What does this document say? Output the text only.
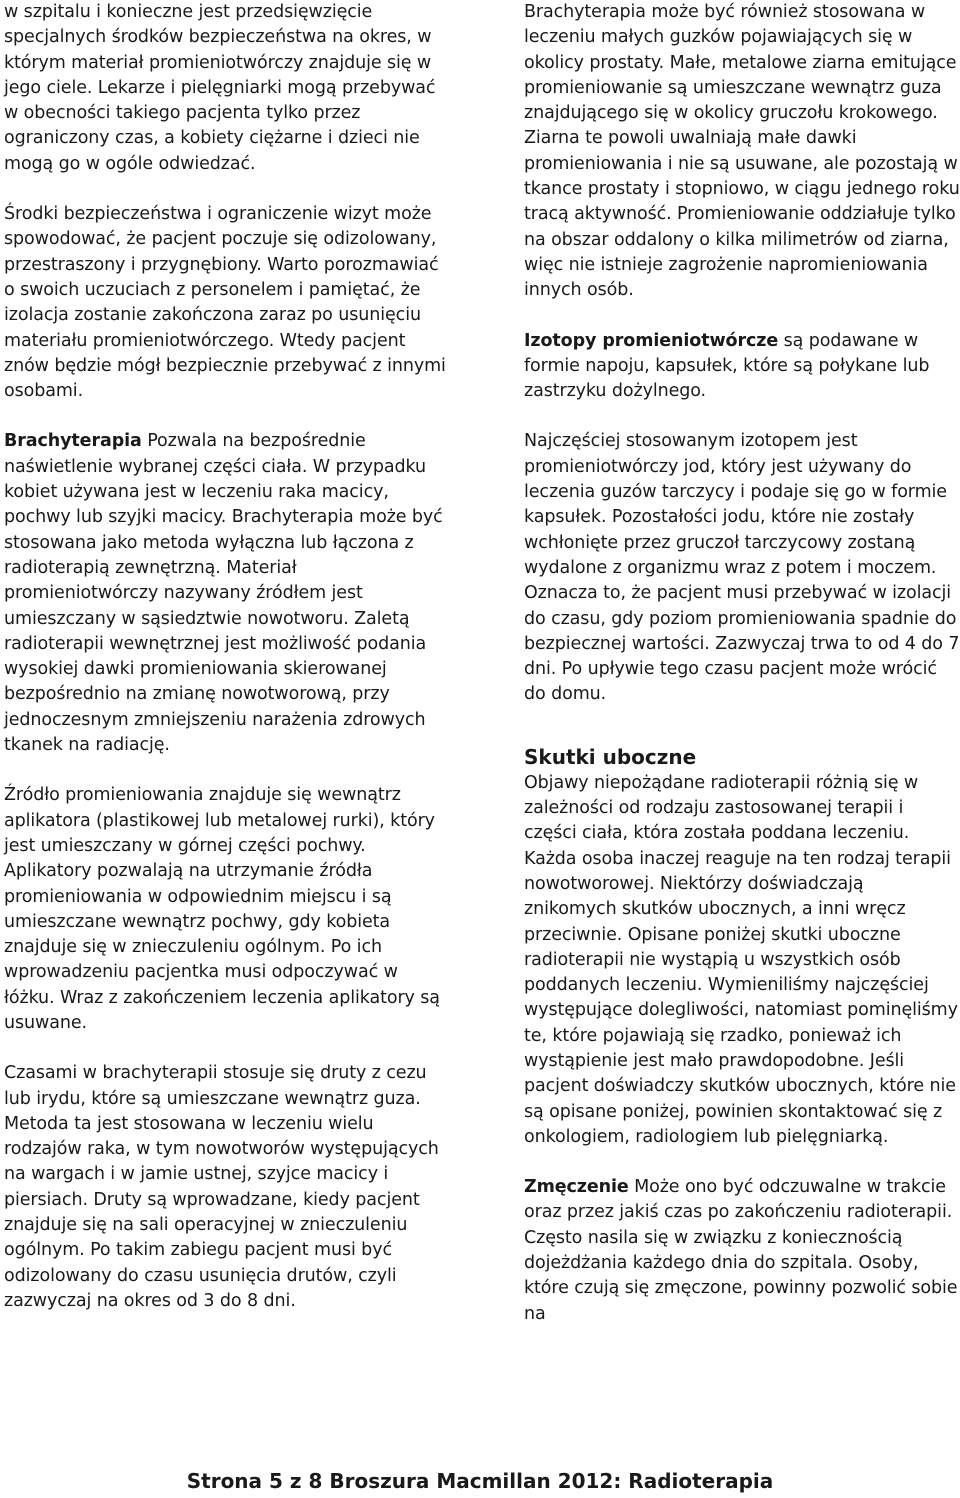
w szpitalu i konieczne jest przedsięwzięcie specjalnych środków bezpieczeństwa na okres, w którym materiał promieniotwórczy znajduje się w jego ciele. Lekarze i pielęgniarki mogą przebywać w obecności takiego pacjenta tylko przez ograniczony czas, a kobiety ciężarne i dzieci nie mogą go w ogóle odwiedzać.

Środki bezpieczeństwa i ograniczenie wizyt może spowodować, że pacjent poczuje się odizolowany, przestraszony i przygnębiony. Warto porozmawiać o swoich uczuciach z personelem i pamiętać, że izolacja zostanie zakończona zaraz po usunięciu materiału promieniotwórczego. Wtedy pacjent znów będzie mógł bezpiecznie przebywać z innymi osobami.

Brachyterapia Pozwala na bezpośrednie naświetlenie wybranej części ciała. W przypadku kobiet używana jest w leczeniu raka macicy, pochwy lub szyjki macicy. Brachyterapia może być stosowana jako metoda wyłączna lub łączona z radioterapią zewnętrzną. Materiał promieniotwórczy nazywany źródłem jest umieszczany w sąsiedztwie nowotworu. Zaletą radioterapii wewnętrznej jest możliwość podania wysokiej dawki promieniowania skierowanej bezpośrednio na zmianę nowotworową, przy jednoczesnym zmniejszeniu narażenia zdrowych tkanek na radiację.

Źródło promieniowania znajduje się wewnątrz aplikatora (plastikowej lub metalowej rurki), który jest umieszczany w górnej części pochwy. Aplikatory pozwalają na utrzymanie źródła promieniowania w odpowiednim miejscu i są umieszczane wewnątrz pochwy, gdy kobieta znajduje się w znieczuleniu ogólnym. Po ich wprowadzeniu pacjentka musi odpoczywać w łóżku. Wraz z zakończeniem leczenia aplikatory są usuwane.

Czasami w brachyterapii stosuje się druty z cezu lub irydu, które są umieszczane wewnątrz guza. Metoda ta jest stosowana w leczeniu wielu rodzajów raka, w tym nowotworów występujących na wargach i w jamie ustnej, szyjce macicy i piersiach. Druty są wprowadzane, kiedy pacjent znajduje się na sali operacyjnej w znieczuleniu ogólnym. Po takim zabiegu pacjent musi być odizolowany do czasu usunięcia drutów, czyli zazwyczaj na okres od 3 do 8 dni.

Brachyterapia może być również stosowana w leczeniu małych guzków pojawiających się w okolicy prostaty. Małe, metalowe ziarna emitujące promieniowanie są umieszczane wewnątrz guza znajdującego się w okolicy gruczołu krokowego. Ziarna te powoli uwalniają małe dawki promieniowania i nie są usuwane, ale pozostają w tkance prostaty i stopniowo, w ciągu jednego roku tracą aktywność. Promieniowanie oddziałuje tylko na obszar oddalony o kilka milimetrów od ziarna, więc nie istnieje zagrożenie napromieniowania innych osób.

Izotopy promieniotwórcze są podawane w formie napoju, kapsułek, które są połykane lub zastrzyku dożylnego.

Najczęściej stosowanym izotopem jest promieniotwórczy jod, który jest używany do leczenia guzów tarczycy i podaje się go w formie kapsułek. Pozostałości jodu, które nie zostały wchłonięte przez gruczoł tarczycowy zostaną wydalone z organizmu wraz z potem i moczem. Oznacza to, że pacjent musi przebywać w izolacji do czasu, gdy poziom promieniowania spadnie do bezpiecznej wartości. Zazwyczaj trwa to od 4 do 7 dni. Po upływie tego czasu pacjent może wrócić do domu.

Skutki uboczne

Objawy niepożądane radioterapii różnią się w zależności od rodzaju zastosowanej terapii i części ciała, która została poddana leczeniu. Każda osoba inaczej reaguje na ten rodzaj terapii nowotworowej. Niektórzy doświadczają znikomych skutków ubocznych, a inni wręcz przeciwnie. Opisane poniżej skutki uboczne radioterapii nie wystąpią u wszystkich osób poddanych leczeniu. Wymieniliśmy najczęściej występujące dolegliwości, natomiast pominęliśmy te, które pojawiają się rzadko, ponieważ ich wystąpienie jest mało prawdopodobne. Jeśli pacjent doświadczy skutków ubocznych, które nie są opisane poniżej, powinien skontaktować się z onkologiem, radiologiem lub pielęgniarką.

Zmęczenie Może ono być odczuwalne w trakcie oraz przez jakiś czas po zakończeniu radioterapii. Często nasila się w związku z koniecznością dojeżdżania każdego dnia do szpitala. Osoby, które czują się zmęczone, powinny pozwolić sobie na

Strona 5 z 8 Broszura Macmillan 2012: Radioterapia
